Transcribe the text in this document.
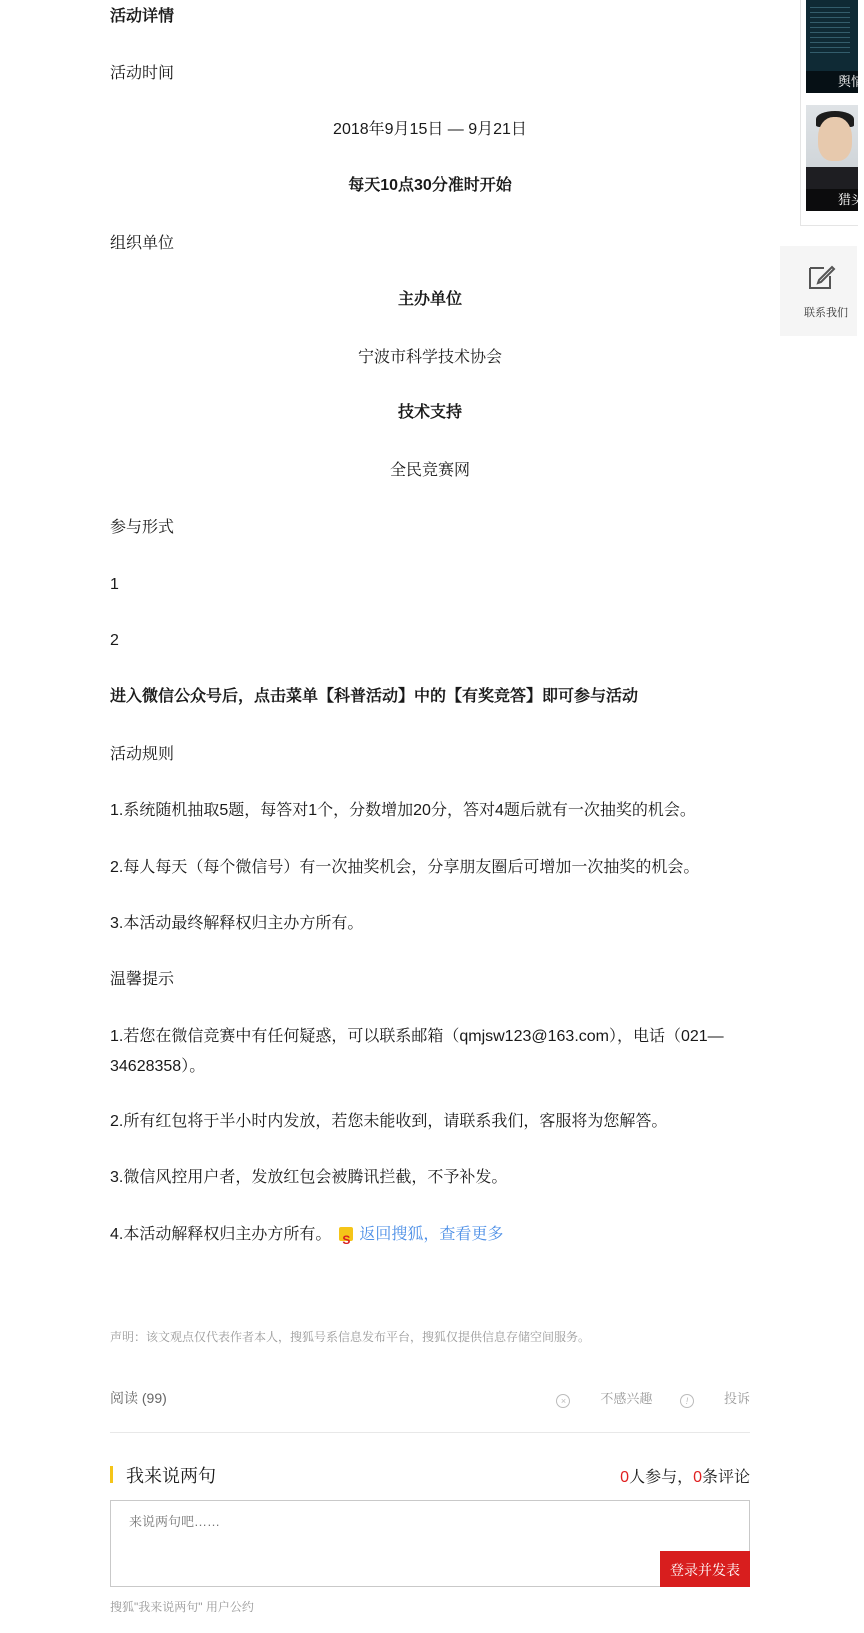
活动详情

活动时间

2018年9月15日 — 9月21日

每天10点30分准时开始

组织单位

主办单位

宁波市科学技术协会

技术支持

全民竞赛网

参与形式

1

2

进入微信公众号后，点击菜单【科普活动】中的【有奖竞答】即可参与活动

活动规则

1.系统随机抽取5题，每答对1个，分数增加20分，答对4题后就有一次抽奖的机会。

2.每人每天（每个微信号）有一次抽奖机会，分享朋友圈后可增加一次抽奖的机会。

3.本活动最终解释权归主办方所有。

温馨提示

1.若您在微信竞赛中有任何疑惑，可以联系邮箱（qmjsw123@163.com），电话（021—34628358）。

2.所有红包将于半小时内发放，若您未能收到，请联系我们，客服将为您解答。

3.微信风控用户者，发放红包会被腾讯拦截，不予补发。

4.本活动解释权归主办方所有。S 返回搜狐，查看更多

声明：该文观点仅代表作者本人，搜狐号系信息发布平台，搜狐仅提供信息存储空间服务。
阅读 (99)	×	不感兴趣	!	投诉
我来说两句	0人参与，0条评论
来说两句吧……
登录并发表
搜狐"我来说两句" 用户公约
舆情
猎头
联系我们
